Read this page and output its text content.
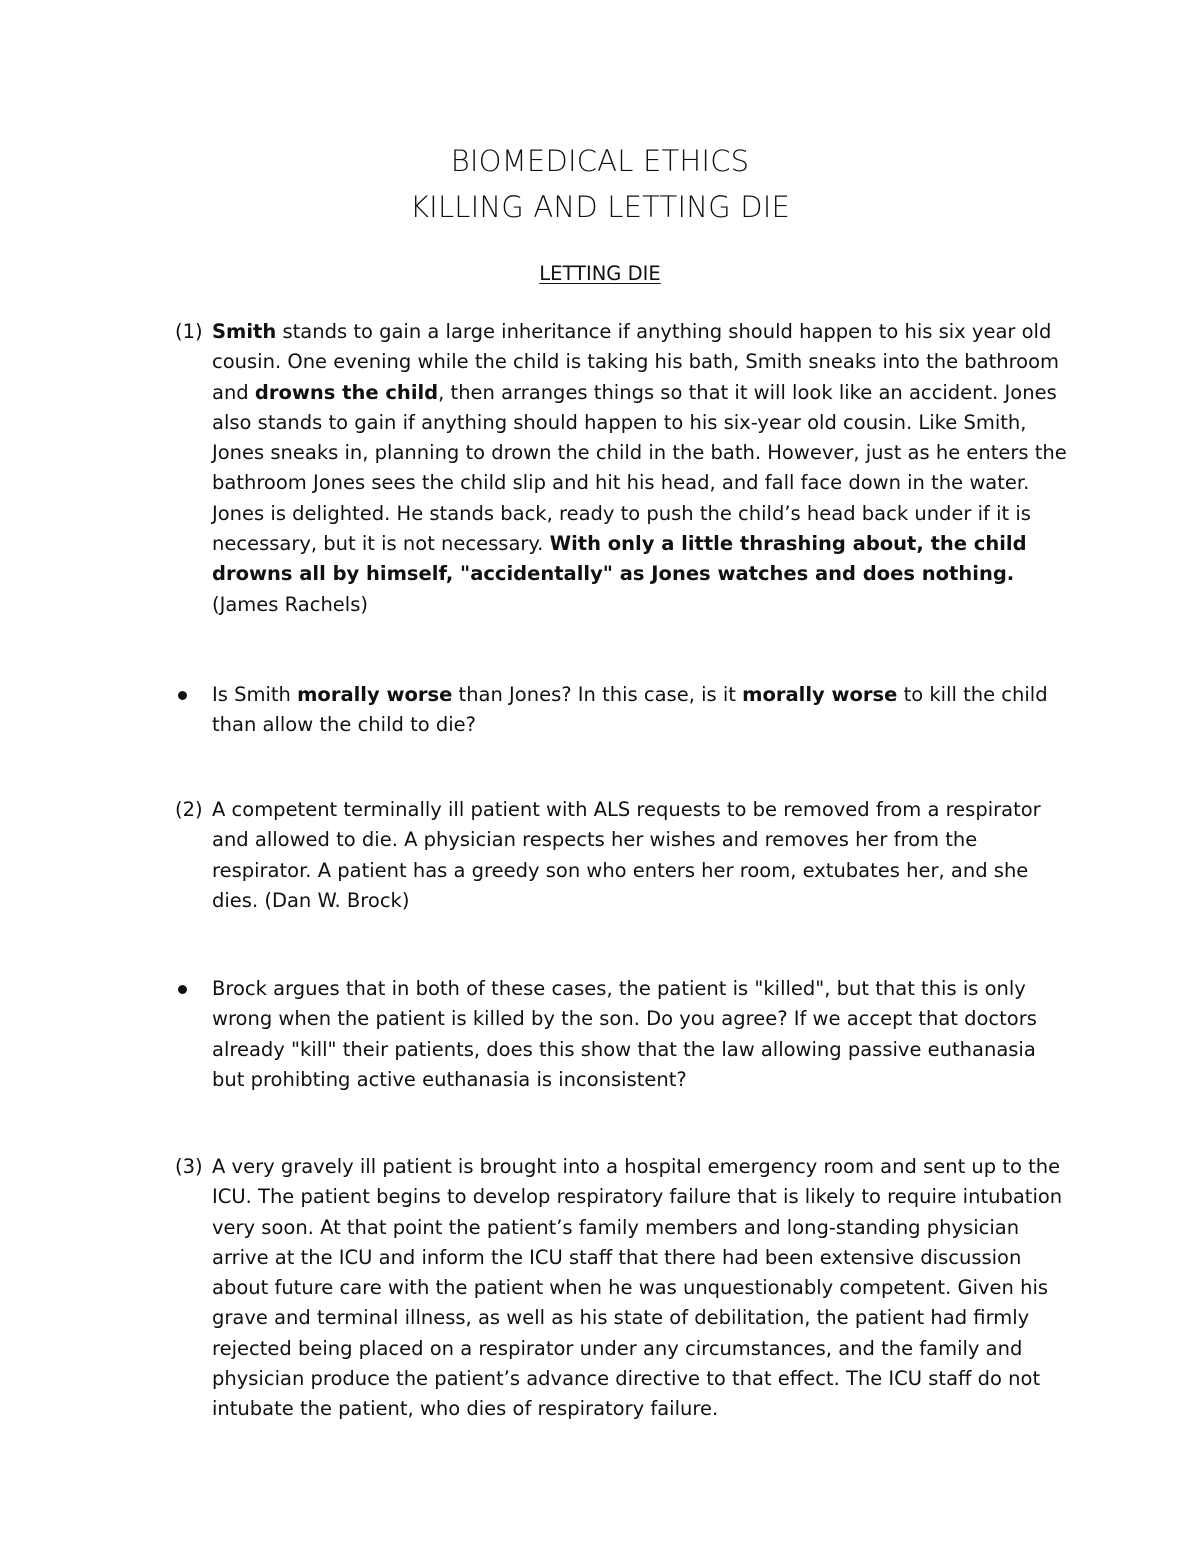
BIOMEDICAL ETHICS
KILLING AND LETTING DIE
LETTING DIE
(1) Smith stands to gain a large inheritance if anything should happen to his six year old cousin. One evening while the child is taking his bath, Smith sneaks into the bathroom and drowns the child, then arranges things so that it will look like an accident. Jones also stands to gain if anything should happen to his six-year old cousin. Like Smith, Jones sneaks in, planning to drown the child in the bath. However, just as he enters the bathroom Jones sees the child slip and hit his head, and fall face down in the water. Jones is delighted. He stands back, ready to push the child’s head back under if it is necessary, but it is not necessary. With only a little thrashing about, the child drowns all by himself, "accidentally" as Jones watches and does nothing. (James Rachels)
Is Smith morally worse than Jones? In this case, is it morally worse to kill the child than allow the child to die?
(2) A competent terminally ill patient with ALS requests to be removed from a respirator and allowed to die. A physician respects her wishes and removes her from the respirator. A patient has a greedy son who enters her room, extubates her, and she dies. (Dan W. Brock)
Brock argues that in both of these cases, the patient is "killed", but that this is only wrong when the patient is killed by the son. Do you agree? If we accept that doctors already "kill" their patients, does this show that the law allowing passive euthanasia but prohibting active euthanasia is inconsistent?
(3) A very gravely ill patient is brought into a hospital emergency room and sent up to the ICU. The patient begins to develop respiratory failure that is likely to require intubation very soon. At that point the patient’s family members and long-standing physician arrive at the ICU and inform the ICU staff that there had been extensive discussion about future care with the patient when he was unquestionably competent. Given his grave and terminal illness, as well as his state of debilitation, the patient had firmly rejected being placed on a respirator under any circumstances, and the family and physician produce the patient’s advance directive to that effect. The ICU staff do not intubate the patient, who dies of respiratory failure.
